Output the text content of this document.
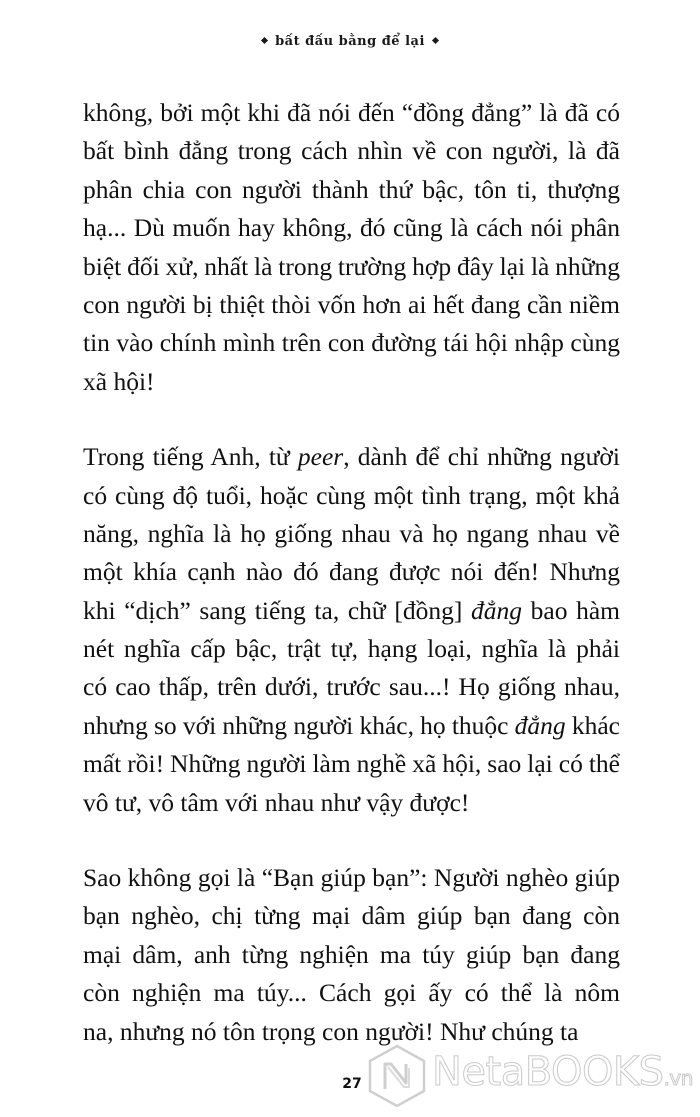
bất đấu bằng để lại
không, bởi một khi đã nói đến “đồng đẳng” là đã có
bất bình đẳng trong cách nhìn về con người, là đã
phân chia con người thành thứ bậc, tôn ti, thượng
hạ... Dù muốn hay không, đó cũng là cách nói phân
biệt đối xử, nhất là trong trường hợp đây lại là những
con người bị thiệt thòi vốn hơn ai hết đang cần niềm
tin vào chính mình trên con đường tái hội nhập cùng
xã hội!
Trong tiếng Anh, từ peer, dành để chỉ những người
có cùng độ tuổi, hoặc cùng một tình trạng, một khả
năng, nghĩa là họ giống nhau và họ ngang nhau về
một khía cạnh nào đó đang được nói đến! Nhưng
khi “dịch” sang tiếng ta, chữ [đồng] đẳng bao hàm
nét nghĩa cấp bậc, trật tự, hạng loại, nghĩa là phải
có cao thấp, trên dưới, trước sau...! Họ giống nhau,
nhưng so với những người khác, họ thuộc đẳng khác
mất rồi! Những người làm nghề xã hội, sao lại có thể
vô tư, vô tâm với nhau như vậy được!
Sao không gọi là “Bạn giúp bạn”: Người nghèo giúp
bạn nghèo, chị từng mại dâm giúp bạn đang còn
mại dâm, anh từng nghiện ma túy giúp bạn đang
còn nghiện ma túy... Cách gọi ấy có thể là nôm
na, nhưng nó tôn trọng con người! Như chúng ta
27 NetaBOOKS.vn
